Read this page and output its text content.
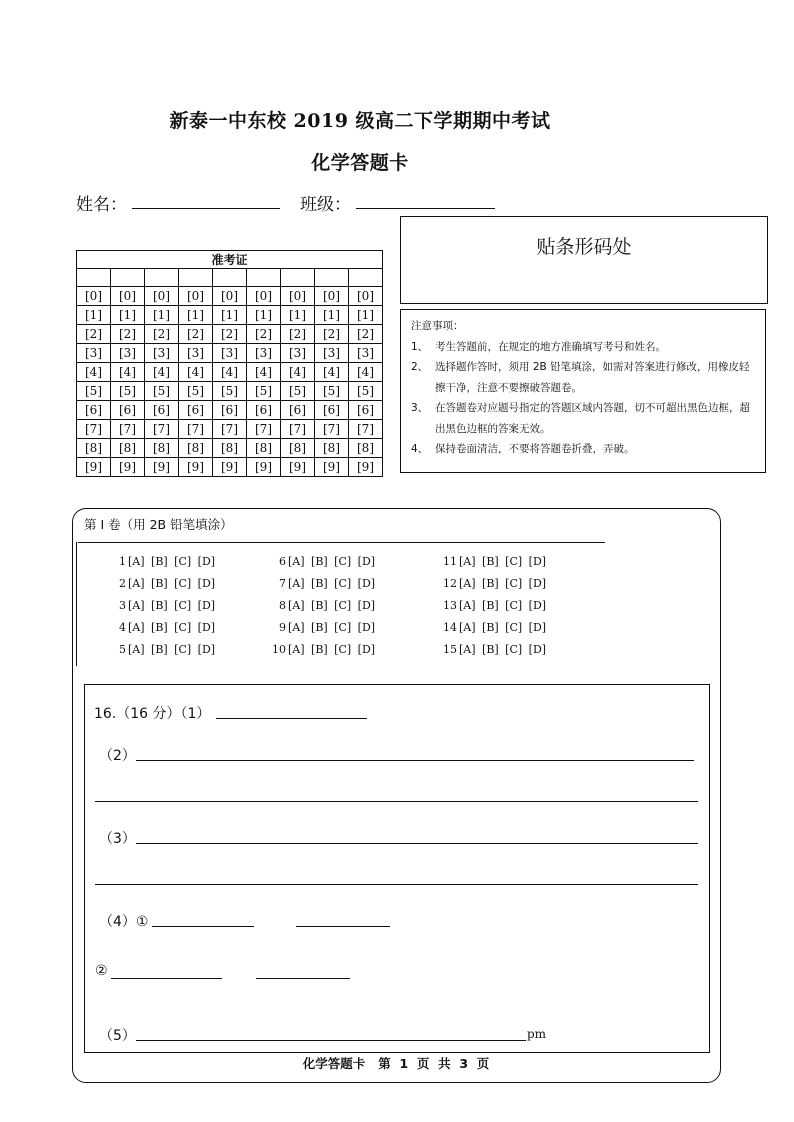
新泰一中东校 2019 级高二下学期期中考试
化学答题卡
姓名：	班级：
准考证								

[0]	[0]	[0]	[0]	[0]	[0]	[0]	[0]	[0]
[1]	[1]	[1]	[1]	[1]	[1]	[1]	[1]	[1]
[2]	[2]	[2]	[2]	[2]	[2]	[2]	[2]	[2]
[3]	[3]	[3]	[3]	[3]	[3]	[3]	[3]	[3]
[4]	[4]	[4]	[4]	[4]	[4]	[4]	[4]	[4]
[5]	[5]	[5]	[5]	[5]	[5]	[5]	[5]	[5]
[6]	[6]	[6]	[6]	[6]	[6]	[6]	[6]	[6]
[7]	[7]	[7]	[7]	[7]	[7]	[7]	[7]	[7]
[8]	[8]	[8]	[8]	[8]	[8]	[8]	[8]	[8]
[9]	[9]	[9]	[9]	[9]	[9]	[9]	[9]	[9]
贴条形码处
注意事项：
1、 考生答题前，在规定的地方准确填写考号和姓名。
2、 选择题作答时，须用 2B 铅笔填涂，如需对答案进行修改，用橡皮轻擦干净，注意不要擦破答题卷。
3、 在答题卷对应题号指定的答题区域内答题，切不可超出黑色边框，超出黑色边框的答案无效。
4、 保持卷面清洁，不要将答题卷折叠，弄破。
第 I 卷（用 2B 铅笔填涂）
1 [A] [B] [C] [D]
2 [A] [B] [C] [D]
3 [A] [B] [C] [D]
4 [A] [B] [C] [D]
5 [A] [B] [C] [D]
6 [A] [B] [C] [D]
7 [A] [B] [C] [D]
8 [A] [B] [C] [D]
9 [A] [B] [C] [D]
10 [A] [B] [C] [D]
11 [A] [B] [C] [D]
12 [A] [B] [C] [D]
13 [A] [B] [C] [D]
14 [A] [B] [C] [D]
15 [A] [B] [C] [D]
16.（16 分）（1）
（2）
（3）
（4）①
②
（5）	pm
化学答题卡   第  1  页  共  3  页
